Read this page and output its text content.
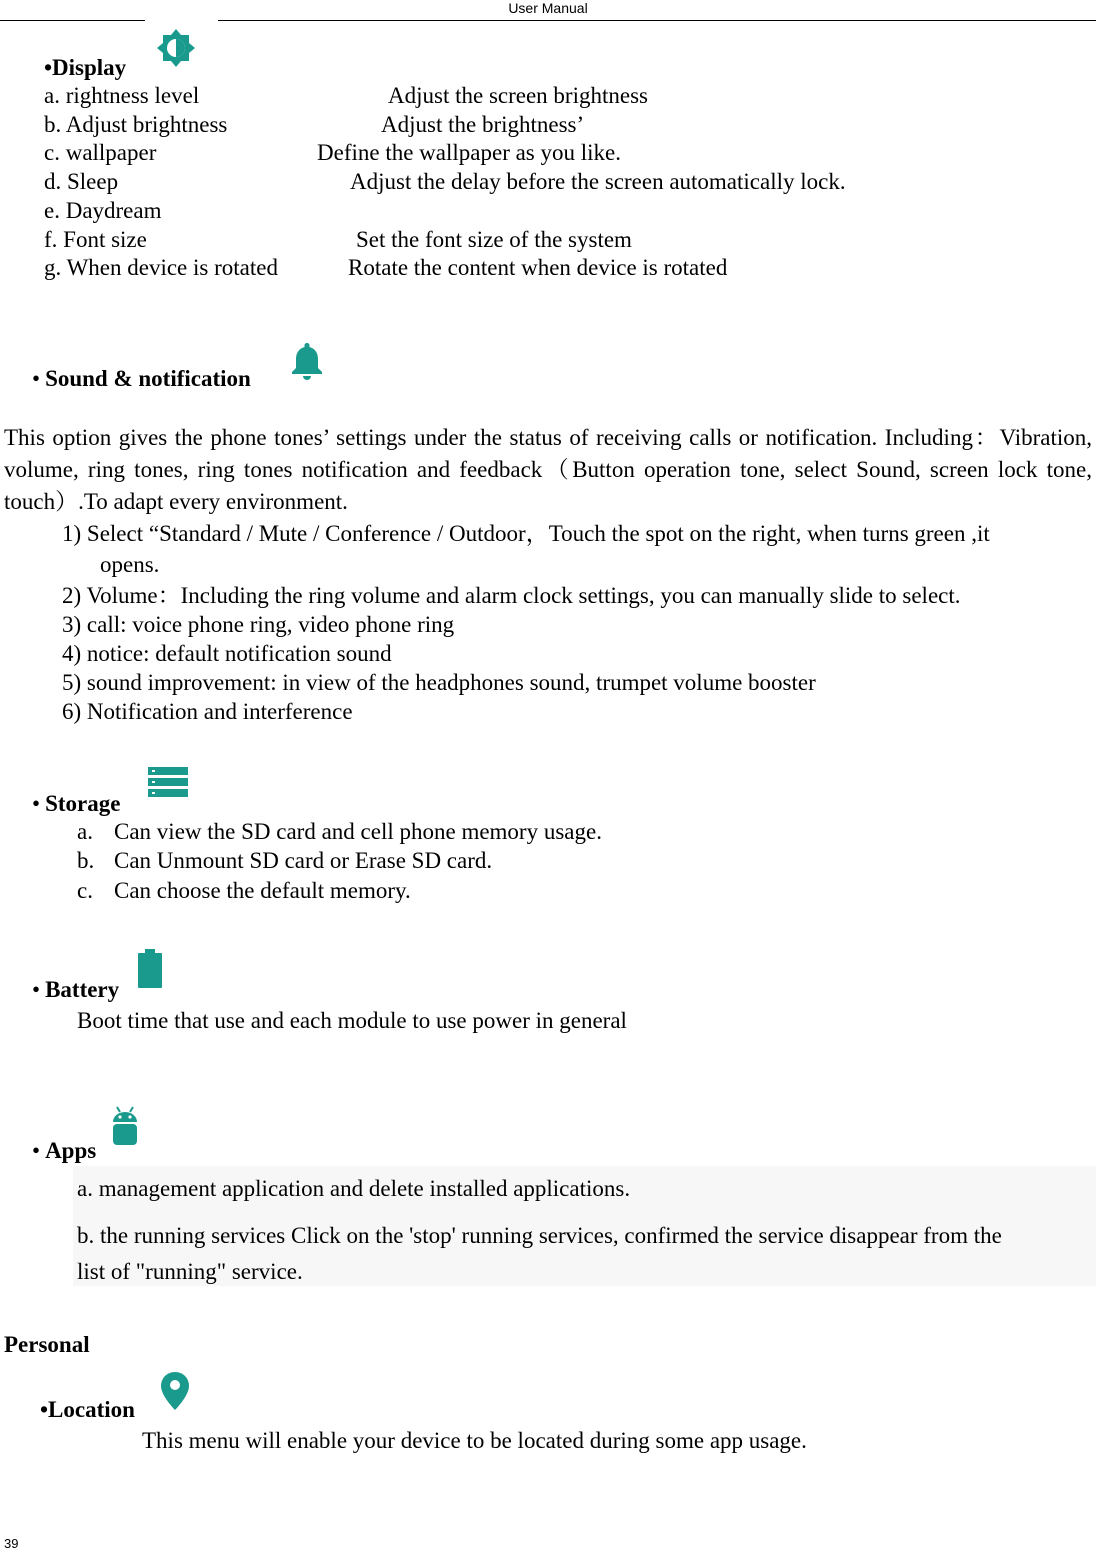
User Manual
•Display
a. rightness level	Adjust the screen brightness
b. Adjust brightness	Adjust the brightness’
c. wallpaper	Define the wallpaper as you like.
d. Sleep	Adjust the delay before the screen automatically lock.
e. Daydream
f. Font size	Set the font size of the system
g. When device is rotated	Rotate the content when device is rotated
• Sound & notification
This option gives the phone tones’ settings under the status of receiving calls or notification. Including：Vibration, volume, ring tones, ring tones notification and feedback（Button operation tone, select Sound, screen lock tone, touch）.To adapt every environment.
1) Select “Standard / Mute / Conference / Outdoor，Touch the spot on the right, when turns green ,it
opens.
2) Volume：Including the ring volume and alarm clock settings, you can manually slide to select.
3) call: voice phone ring, video phone ring
4) notice: default notification sound
5) sound improvement: in view of the headphones sound, trumpet volume booster
6) Notification and interference
• Storage
a. Can view the SD card and cell phone memory usage.
b. Can Unmount SD card or Erase SD card.
c. Can choose the default memory.
• Battery
Boot time that use and each module to use power in general
• Apps
a. management application and delete installed applications.
b. the running services Click on the 'stop' running services, confirmed the service disappear from the
list of "running" service.
Personal
•Location
This menu will enable your device to be located during some app usage.
39
